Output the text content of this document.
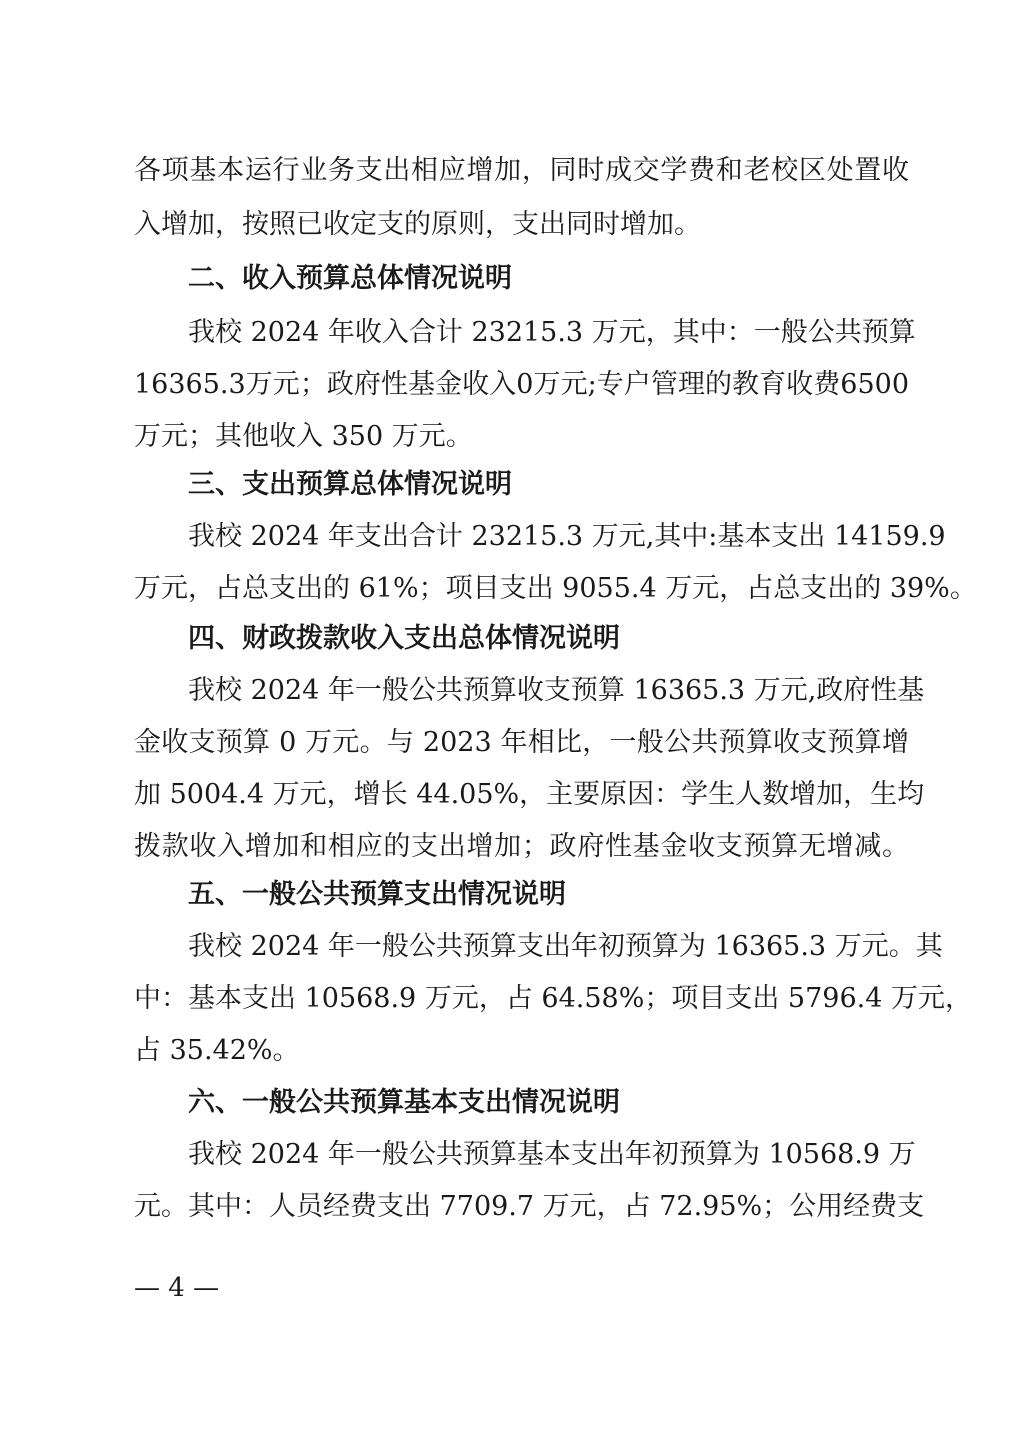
各项基本运行业务支出相应增加，同时成交学费和老校区处置收
入增加，按照已收定支的原则，支出同时增加。
二、收入预算总体情况说明
我校 2024 年收入合计 23215.3 万元，其中：一般公共预算
16365.3万元；政府性基金收入0万元;专户管理的教育收费6500
万元；其他收入 350 万元。
三、支出预算总体情况说明
我校 2024 年支出合计 23215.3 万元,其中:基本支出 14159.9
万元，占总支出的 61%；项目支出 9055.4 万元，占总支出的 39%。
四、财政拨款收入支出总体情况说明
我校 2024 年一般公共预算收支预算 16365.3 万元,政府性基
金收支预算 0 万元。与 2023 年相比，一般公共预算收支预算增
加 5004.4 万元，增长 44.05%，主要原因：学生人数增加，生均
拨款收入增加和相应的支出增加；政府性基金收支预算无增减。
五、一般公共预算支出情况说明
我校 2024 年一般公共预算支出年初预算为 16365.3 万元。其
中：基本支出 10568.9 万元，占 64.58%；项目支出 5796.4 万元，
占 35.42%。
六、一般公共预算基本支出情况说明
我校 2024 年一般公共预算基本支出年初预算为 10568.9 万
元。其中：人员经费支出 7709.7 万元，占 72.95%；公用经费支
— 4 —
